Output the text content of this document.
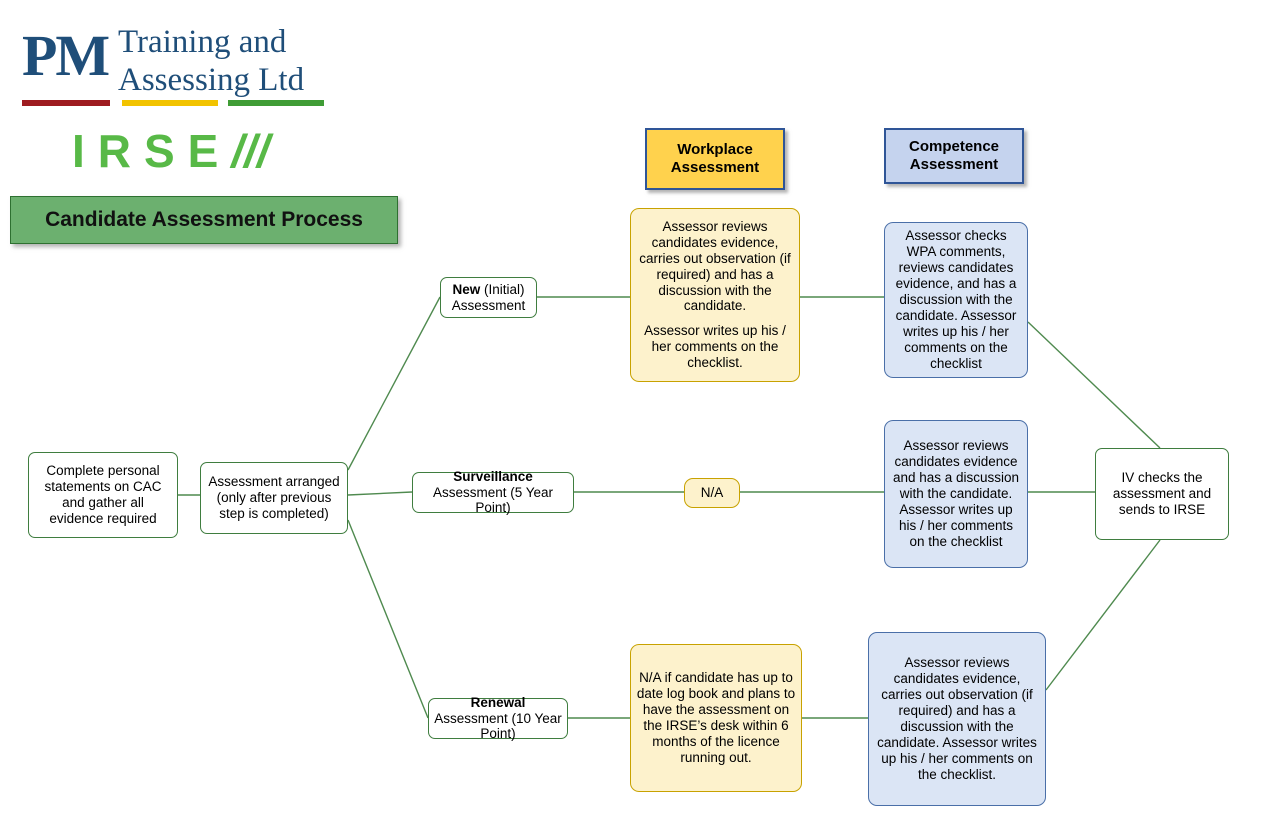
PM Training and
Assessing Ltd
IRSE///
Candidate Assessment Process
Workplace
Assessment
Competence
Assessment
Complete personal statements on CAC and gather all evidence required
Assessment arranged (only after previous step is completed)
New (Initial) Assessment
Surveillance Assessment (5 Year Point)
Renewal Assessment (10 Year Point)

Assessor reviews candidates evidence, carries out observation (if required) and has a discussion with the candidate.

Assessor writes up his / her comments on the checklist.

N/A
N/A if candidate has up to date log book and plans to have the assessment on the IRSE’s desk within 6 months of the licence running out.
Assessor checks WPA comments, reviews candidates evidence, and has a discussion with the candidate. Assessor writes up his / her comments on the checklist
Assessor reviews candidates evidence and has a discussion with the candidate. Assessor writes up his / her comments on the checklist
Assessor reviews candidates evidence, carries out observation (if required) and has a discussion with the candidate. Assessor writes up his / her comments on the checklist.
IV checks the assessment and sends to IRSE
